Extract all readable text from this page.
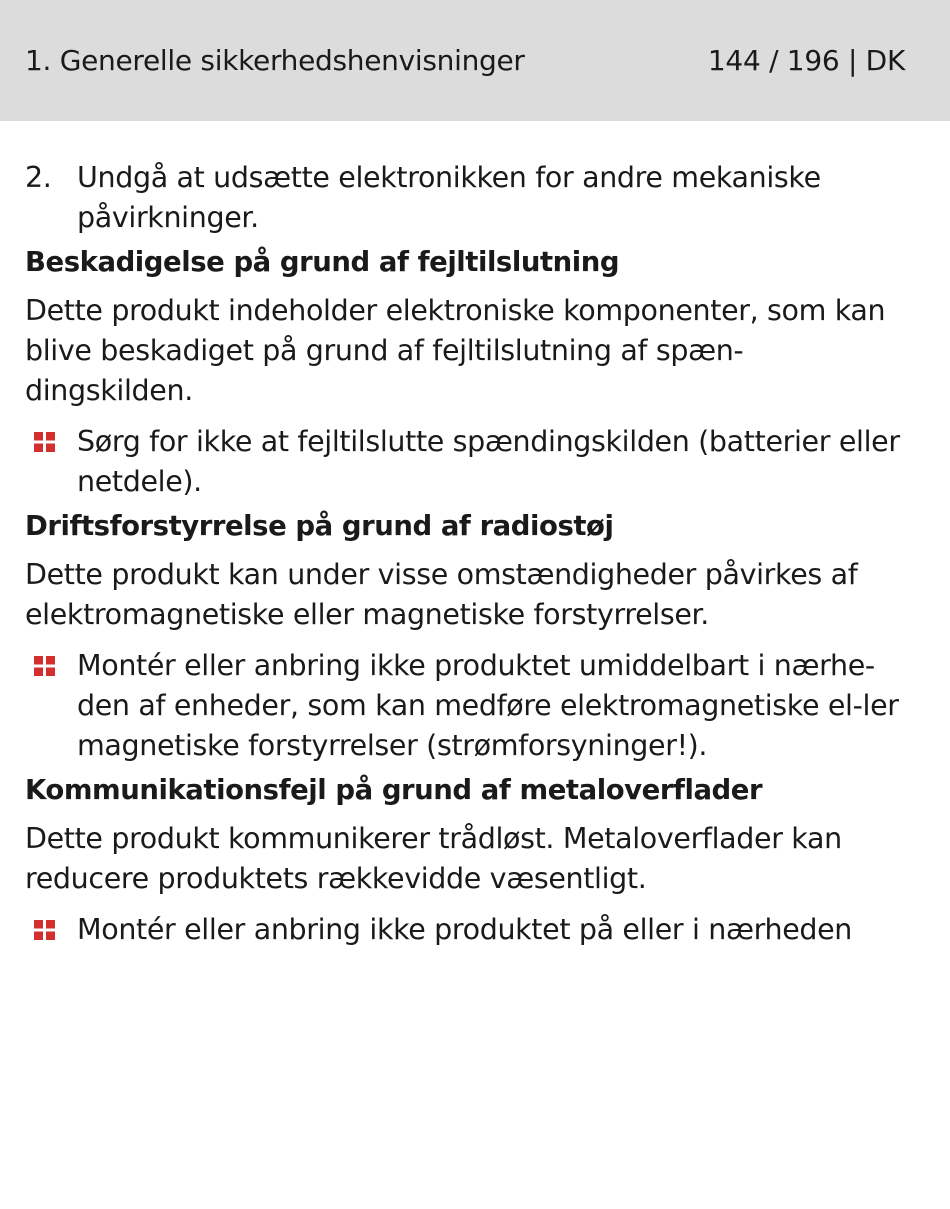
1. Generelle sikkerhedshenvisninger	144 / 196 | DK
2. Undgå at udsætte elektronikken for andre mekaniske påvirkninger.
Beskadigelse på grund af fejltilslutning

Dette produkt indeholder elektroniske komponenter, som kan blive beskadiget på grund af fejltilslutning af spæn-dingskilden.

Sørg for ikke at fejltilslutte spændingskilden (batterier eller netdele).
Driftsforstyrrelse på grund af radiostøj

Dette produkt kan under visse omstændigheder påvirkes af elektromagnetiske eller magnetiske forstyrrelser.

Montér eller anbring ikke produktet umiddelbart i nærhe-den af enheder, som kan medføre elektromagnetiske el-ler magnetiske forstyrrelser (strømforsyninger!).
Kommunikationsfejl på grund af metaloverflader

Dette produkt kommunikerer trådløst. Metaloverflader kan reducere produktets rækkevidde væsentligt.

Montér eller anbring ikke produktet på eller i nærheden
